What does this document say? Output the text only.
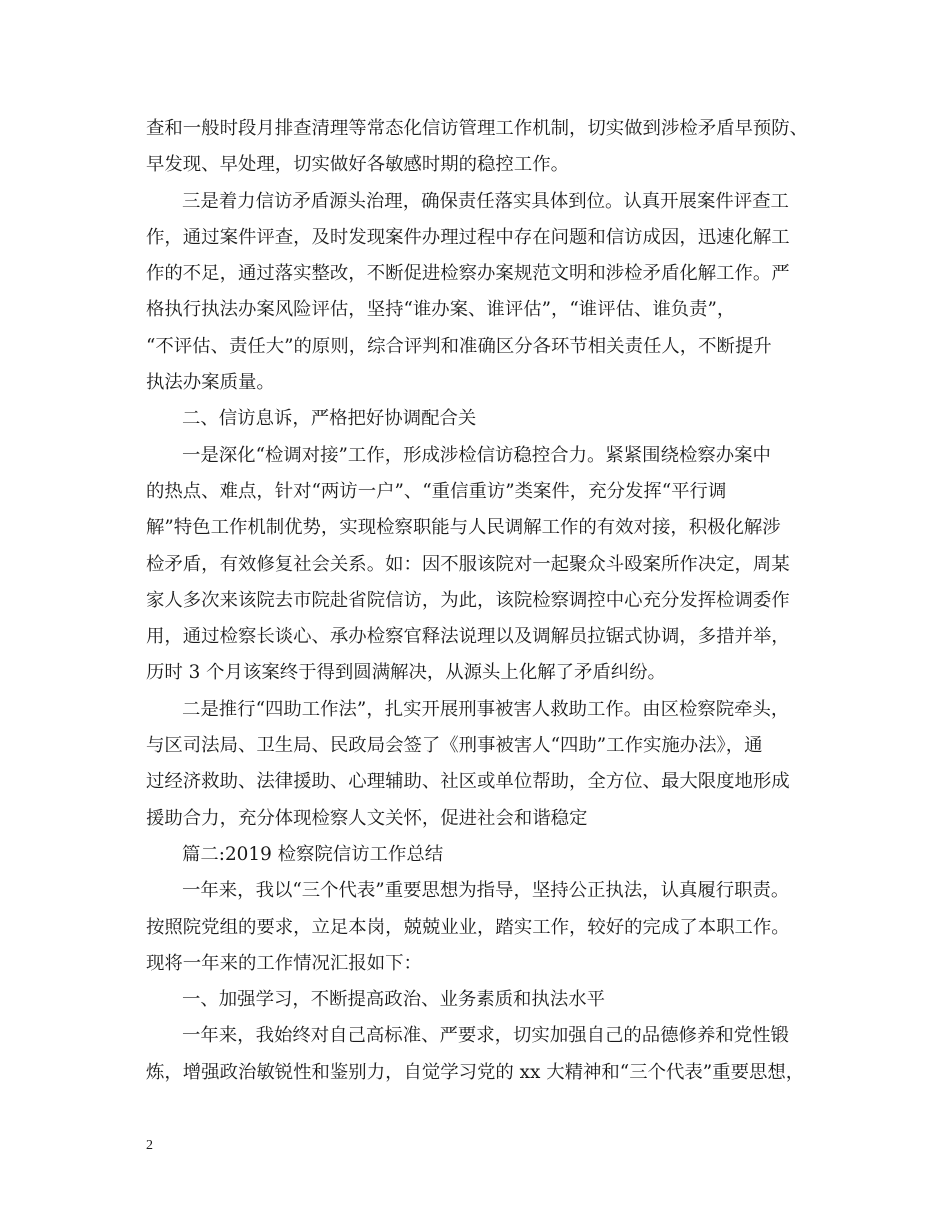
查和一般时段月排查清理等常态化信访管理工作机制，切实做到涉检矛盾早预防、
早发现、早处理，切实做好各敏感时期的稳控工作。
三是着力信访矛盾源头治理，确保责任落实具体到位。认真开展案件评查工
作，通过案件评查，及时发现案件办理过程中存在问题和信访成因，迅速化解工
作的不足，通过落实整改，不断促进检察办案规范文明和涉检矛盾化解工作。严
格执行执法办案风险评估，坚持“谁办案、谁评估”，“谁评估、谁负责”，
“不评估、责任大”的原则，综合评判和准确区分各环节相关责任人，不断提升
执法办案质量。
二、信访息诉，严格把好协调配合关
一是深化“检调对接”工作，形成涉检信访稳控合力。紧紧围绕检察办案中
的热点、难点，针对“两访一户”、“重信重访”类案件，充分发挥“平行调
解”特色工作机制优势，实现检察职能与人民调解工作的有效对接，积极化解涉
检矛盾，有效修复社会关系。如：因不服该院对一起聚众斗殴案所作决定，周某
家人多次来该院去市院赴省院信访，为此，该院检察调控中心充分发挥检调委作
用，通过检察长谈心、承办检察官释法说理以及调解员拉锯式协调，多措并举，
历时 3 个月该案终于得到圆满解决，从源头上化解了矛盾纠纷。
二是推行“四助工作法”，扎实开展刑事被害人救助工作。由区检察院牵头，
与区司法局、卫生局、民政局会签了《刑事被害人“四助”工作实施办法》，通
过经济救助、法律援助、心理辅助、社区或单位帮助，全方位、最大限度地形成
援助合力，充分体现检察人文关怀，促进社会和谐稳定
篇二:2019 检察院信访工作总结
一年来，我以“三个代表”重要思想为指导，坚持公正执法，认真履行职责。
按照院党组的要求，立足本岗，兢兢业业，踏实工作，较好的完成了本职工作。
现将一年来的工作情况汇报如下：
一、加强学习，不断提高政治、业务素质和执法水平
一年来，我始终对自己高标准、严要求，切实加强自己的品德修养和党性锻
炼，增强政治敏锐性和鉴别力，自觉学习党的 xx 大精神和“三个代表”重要思想，
2
